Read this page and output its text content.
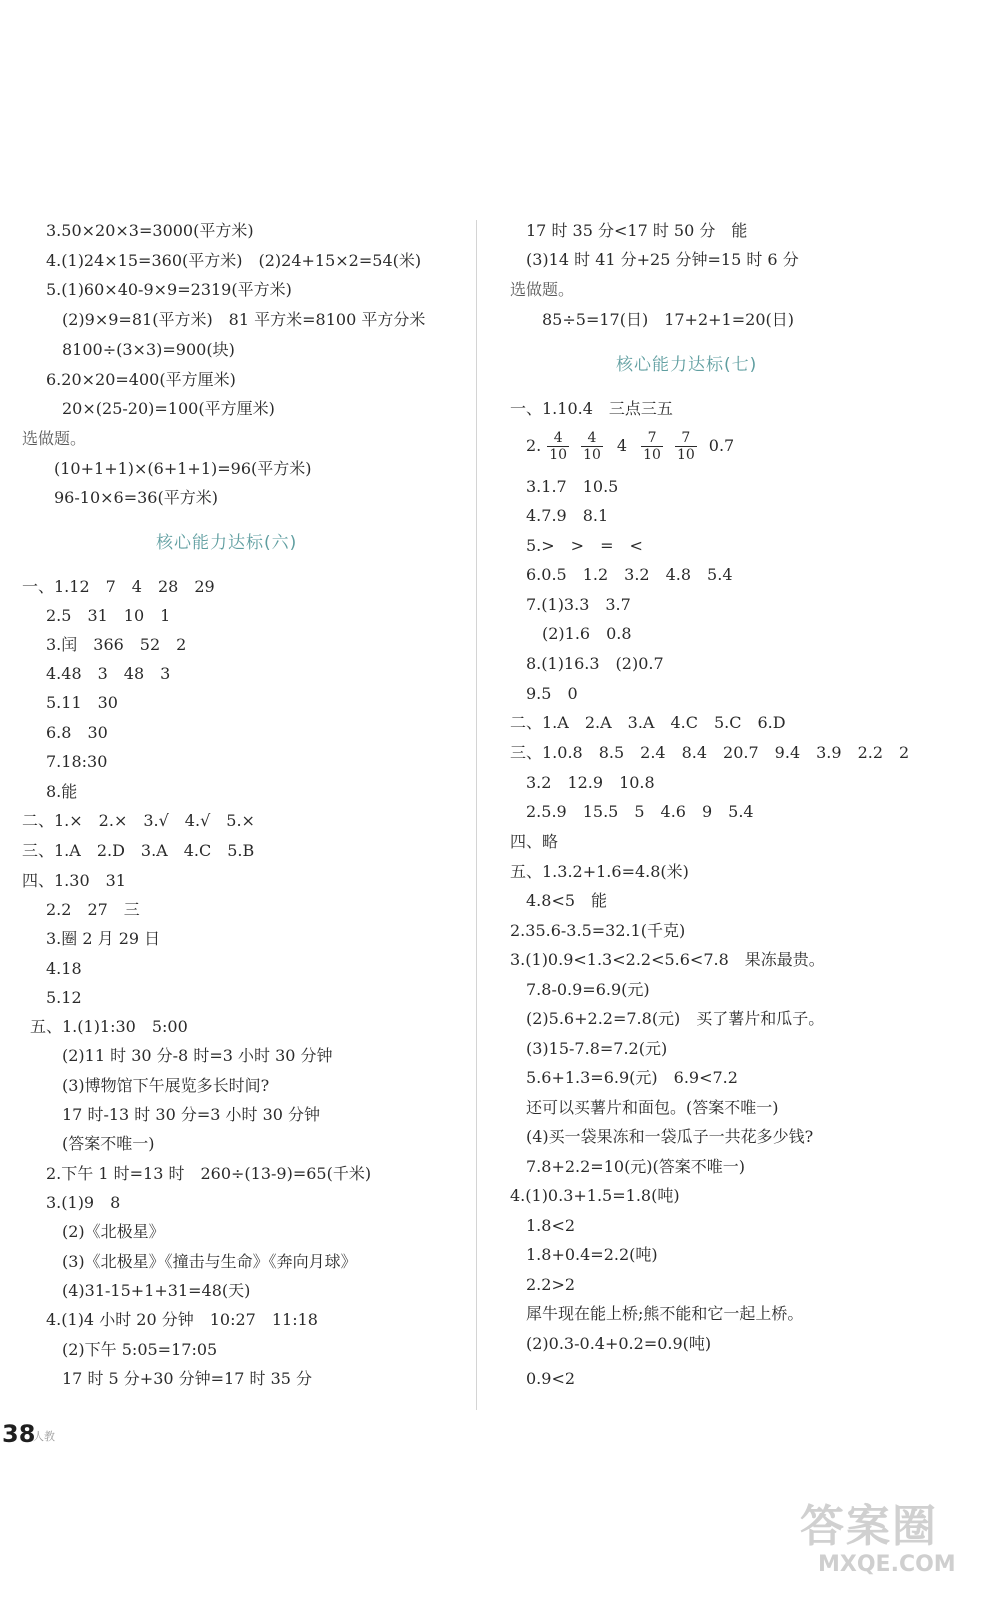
3.50×20×3=3000(平方米)
4.(1)24×15=360(平方米)　(2)24+15×2=54(米)
5.(1)60×40-9×9=2319(平方米)
(2)9×9=81(平方米)　81 平方米=8100 平方分米
8100÷(3×3)=900(块)
6.20×20=400(平方厘米)
20×(25-20)=100(平方厘米)
选做题。
(10+1+1)×(6+1+1)=96(平方米)
96-10×6=36(平方米)
核心能力达标(六)
一、1.12　7　4　28　29
2.5　31　10　1
3.闰　366　52　2
4.48　3　48　3
5.11　30
6.8　30
7.18:30
8.能
二、1.×　2.×　3.√　4.√　5.×
三、1.A　2.D　3.A　4.C　5.B
四、1.30　31
2.2　27　三
3.圈 2 月 29 日
4.18
5.12
五、1.(1)1:30　5:00
(2)11 时 30 分-8 时=3 小时 30 分钟
(3)博物馆下午展览多长时间?
17 时-13 时 30 分=3 小时 30 分钟
(答案不唯一)
2.下午 1 时=13 时　260÷(13-9)=65(千米)
3.(1)9　8
(2)《北极星》
(3)《北极星》《撞击与生命》《奔向月球》
(4)31-15+1+31=48(天)
4.(1)4 小时 20 分钟　10:27　11:18
(2)下午 5:05=17:05
17 时 5 分+30 分钟=17 时 35 分
17 时 35 分<17 时 50 分　能
(3)14 时 41 分+25 分钟=15 时 6 分
选做题。
85÷5=17(日)　17+2+1=20(日)
核心能力达标(七)
一、1.10.4　三点三五
2. $\frac{4}{10} \frac{4}{10} 4 \frac{7}{10} \frac{7}{10} 0.7$
3.1.7　10.5
4.7.9　8.1
5.>　>　=　<
6.0.5　1.2　3.2　4.8　5.4
7.(1)3.3　3.7
(2)1.6　0.8
8.(1)16.3　(2)0.7
9.5　0
二、1.A　2.A　3.A　4.C　5.C　6.D
三、1.0.8　8.5　2.4　8.4　20.7　9.4　3.9　2.2　2
3.2　12.9　10.8
2.5.9　15.5　5　4.6　9　5.4
四、略
五、1.3.2+1.6=4.8(米)
4.8<5　能
2.35.6-3.5=32.1(千克)
3.(1)0.9<1.3<2.2<5.6<7.8　果冻最贵。
7.8-0.9=6.9(元)
(2)5.6+2.2=7.8(元)　买了薯片和瓜子。
(3)15-7.8=7.2(元)
5.6+1.3=6.9(元)　6.9<7.2
还可以买薯片和面包。(答案不唯一)
(4)买一袋果冻和一袋瓜子一共花多少钱?
7.8+2.2=10(元)(答案不唯一)
4.(1)0.3+1.5=1.8(吨)
1.8<2
1.8+0.4=2.2(吨)
2.2>2
犀牛现在能上桥;熊不能和它一起上桥。
(2)0.3-0.4+0.2=0.9(吨)
0.9<2
38
人教
答案圈
MXQE.COM
